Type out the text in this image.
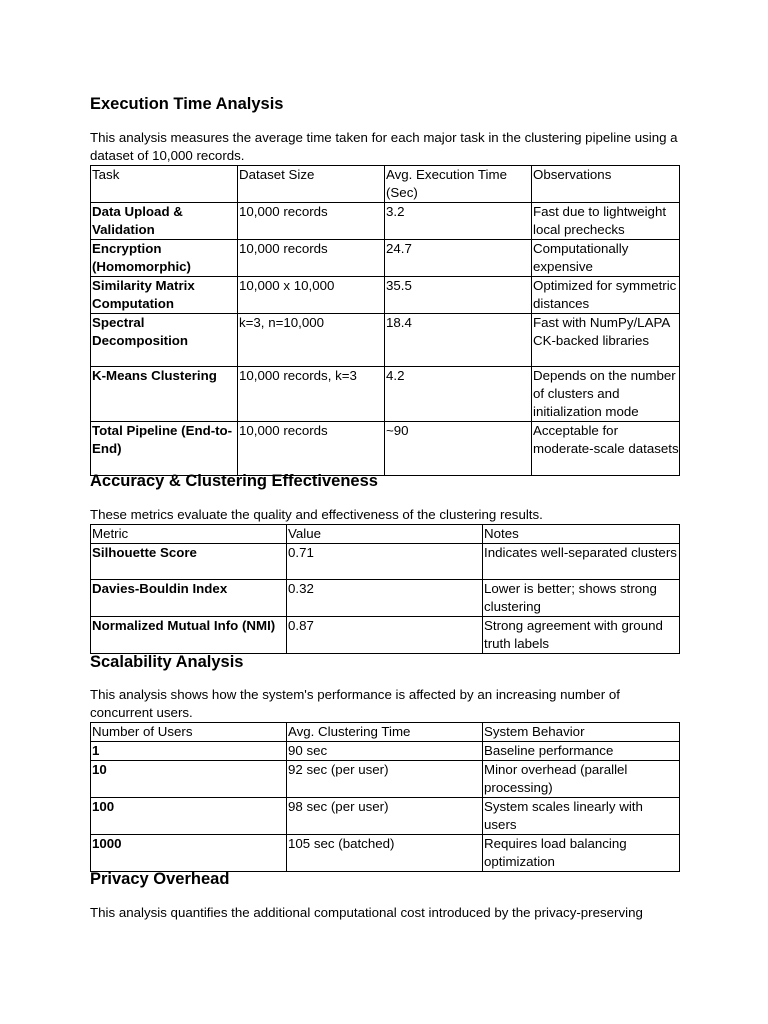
Execution Time Analysis

This analysis measures the average time taken for each major task in the clustering pipeline using a dataset of 10,000 records.

Task	Dataset Size	Avg. Execution Time (Sec)	Observations
Data Upload & Validation	10,000 records	3.2	Fast due to lightweight local prechecks
Encryption (Homomorphic)	10,000 records	24.7	Computationally expensive
Similarity Matrix Computation	10,000 x 10,000	35.5	Optimized for symmetric distances
Spectral Decomposition	k=3, n=10,000	18.4	Fast with NumPy/LAPACK-backed libraries
K-Means Clustering	10,000 records, k=3	4.2	Depends on the number of clusters and initialization mode
Total Pipeline (End-to-End)	10,000 records	~90	Acceptable for moderate-scale datasets
Accuracy & Clustering Effectiveness

These metrics evaluate the quality and effectiveness of the clustering results.

Metric	Value	Notes
Silhouette Score	0.71	Indicates well-separated clusters
Davies-Bouldin Index	0.32	Lower is better; shows strong clustering
Normalized Mutual Info (NMI)	0.87	Strong agreement with ground truth labels
Scalability Analysis

This analysis shows how the system's performance is affected by an increasing number of concurrent users.

Number of Users	Avg. Clustering Time	System Behavior
1	90 sec	Baseline performance
10	92 sec (per user)	Minor overhead (parallel processing)
100	98 sec (per user)	System scales linearly with users
1000	105 sec (batched)	Requires load balancing optimization
Privacy Overhead

This analysis quantifies the additional computational cost introduced by the privacy-preserving
